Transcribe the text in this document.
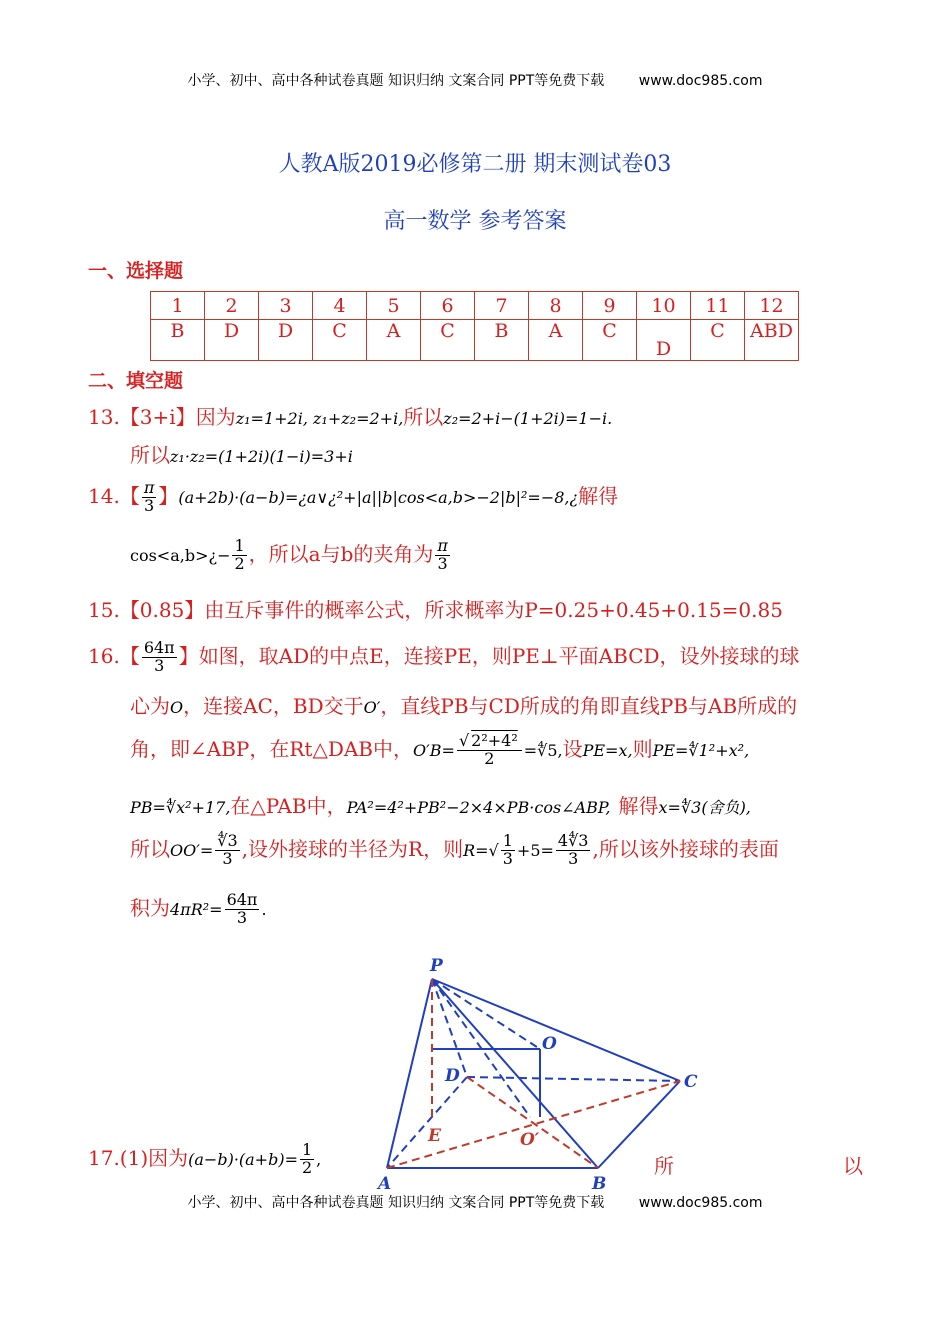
小学、初中、高中各种试卷真题 知识归纳 文案合同 PPT等免费下载 www.doc985.com
人教A版2019必修第二册 期末测试卷03
高一数学 参考答案
一、选择题
1	2	3	4	5	6	7	8	9	10	11	12
B	D	D	C	A	C	B	A	C	D	C	ABD
二、填空题
13.【3+i】因为z₁=1+2i, z₁+z₂=2+i,所以z₂=2+i−(1+2i)=1−i.
所以z₁·z₂=(1+2i)(1−i)=3+i
14.【 $\frac{\pi}{3}$ 】(a+2b)·(a−b)=¿a∨¿²+|a||b|cos<a,b>−2|b|²=−8,¿解得
cos<a,b>¿− $\frac{1}{2}$ ，所以a与b的夹角为 $\frac{\pi}{3}$
15.【0.85】由互斥事件的概率公式，所求概率为P=0.25+0.45+0.15=0.85
16.【 $\frac{64\pi}{3}$ 】如图，取AD的中点E，连接PE，则PE⊥平面ABCD，设外接球的球
心为O，连接AC，BD交于O′，直线PB与CD所成的角即直线PB与AB所成的
角，即∠ABP，在Rt△DAB中，$O'B= \frac{\text{√ 2²+4²}}{2}$ =∜5,设PE=x,则PE=∜1²+x²,
PB=∜x²+17,在△PAB中，PA²=4²+PB²−2×4×PB·cos∠ABP, 解得x=∜3(舍负),
所以$OO'= \frac{∜3}{3}$ ,设外接球的半径为R，则$R=√ \frac{1}{3} +5= \frac{4∜3}{3}$ ,所以该外接球的表面
积为$4\pi R^2= \frac{64\pi}{3}$ .
P
O
D	C
E	O′
A	B
17.(1)因为$(a-b)\cdot(a+b)= \frac{1}{2}$ ,	所	以
小学、初中、高中各种试卷真题 知识归纳 文案合同 PPT等免费下载 www.doc985.com
